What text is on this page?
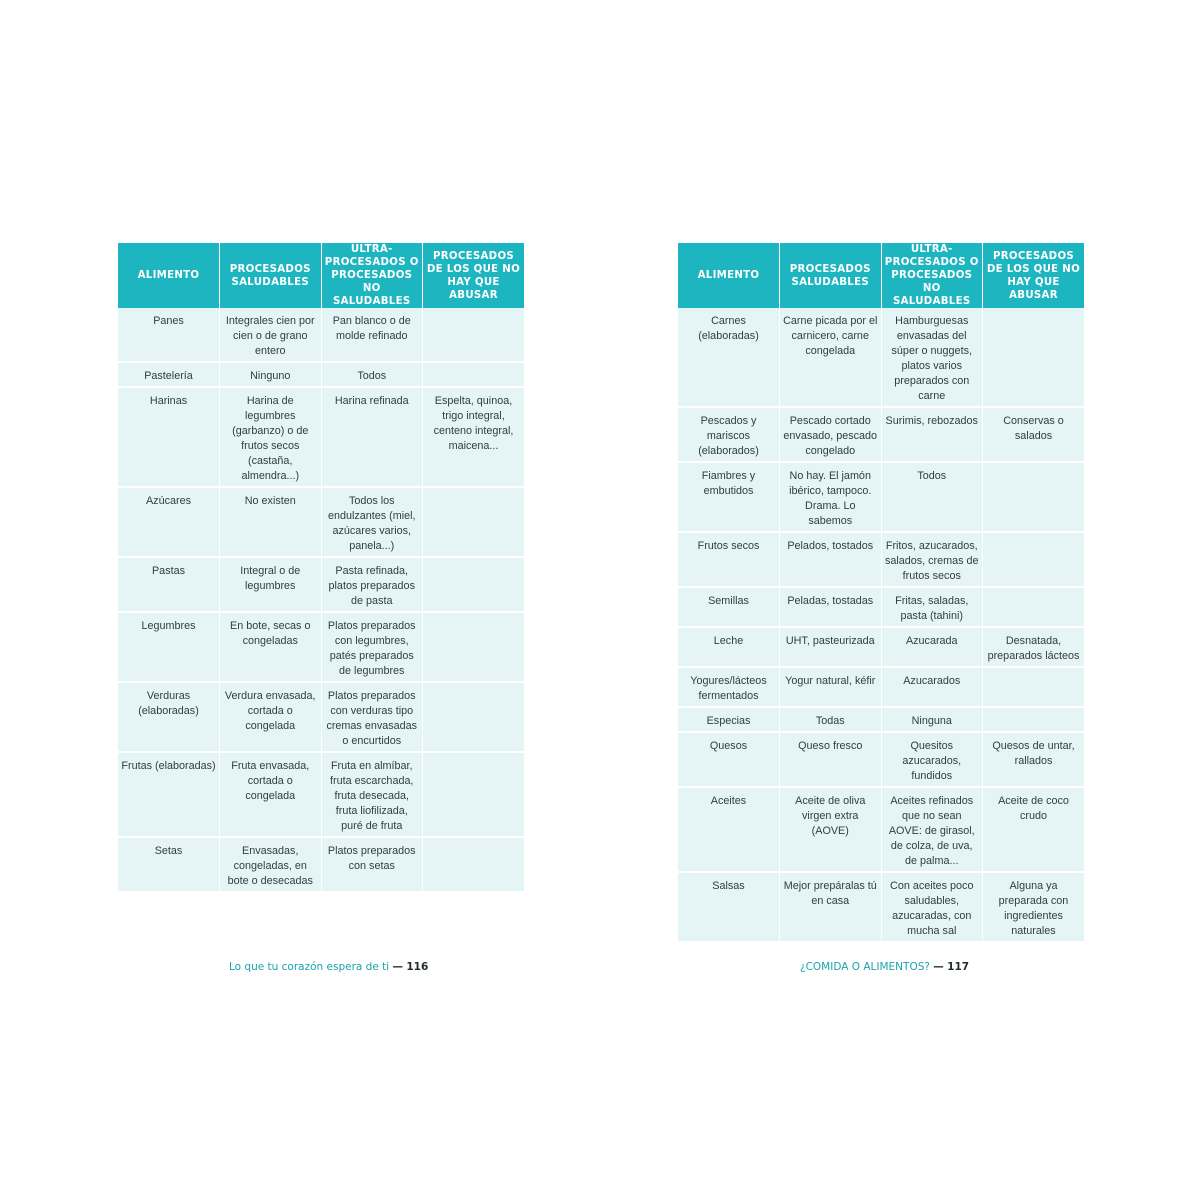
ALIMENTO	PROCESADOS SALUDABLES	ULTRA-PROCESADOS O PROCESADOS NO SALUDABLES	PROCESADOS DE LOS QUE NO HAY QUE ABUSAR
Panes	Integrales cien por cien o de grano entero	Pan blanco o de molde refinado	
Pastelería	Ninguno	Todos	
Harinas	Harina de legumbres (garbanzo) o de frutos secos (castaña, almendra...)	Harina refinada	Espelta, quinoa, trigo integral, centeno integral, maicena...
Azúcares	No existen	Todos los endulzantes (miel, azúcares varios, panela...)	
Pastas	Integral o de legumbres	Pasta refinada, platos preparados de pasta	
Legumbres	En bote, secas o congeladas	Platos preparados con legumbres, patés preparados de legumbres	
Verduras (elaboradas)	Verdura envasada, cortada o congelada	Platos preparados con verduras tipo cremas envasadas o encurtidos	
Frutas (elaboradas)	Fruta envasada, cortada o congelada	Fruta en almíbar, fruta escarchada, fruta desecada, fruta liofilizada, puré de fruta	
Setas	Envasadas, congeladas, en bote o desecadas	Platos preparados con setas	
ALIMENTO	PROCESADOS SALUDABLES	ULTRA-PROCESADOS O PROCESADOS NO SALUDABLES	PROCESADOS DE LOS QUE NO HAY QUE ABUSAR
Carnes (elaboradas)	Carne picada por el carnicero, carne congelada	Hamburguesas envasadas del súper o nuggets, platos varios preparados con carne	
Pescados y mariscos (elaborados)	Pescado cortado envasado, pescado congelado	Surimis, rebozados	Conservas o salados
Fiambres y embutidos	No hay. El jamón ibérico, tampoco. Drama. Lo sabemos	Todos	
Frutos secos	Pelados, tostados	Fritos, azucarados, salados, cremas de frutos secos	
Semillas	Peladas, tostadas	Fritas, saladas, pasta (tahini)	
Leche	UHT, pasteurizada	Azucarada	Desnatada, preparados lácteos
Yogures/lácteos fermentados	Yogur natural, kéfir	Azucarados	
Especias	Todas	Ninguna	
Quesos	Queso fresco	Quesitos azucarados, fundidos	Quesos de untar, rallados
Aceites	Aceite de oliva virgen extra (AOVE)	Aceites refinados que no sean AOVE: de girasol, de colza, de uva, de palma...	Aceite de coco crudo
Salsas	Mejor prepáralas tú en casa	Con aceites poco saludables, azucaradas, con mucha sal	Alguna ya preparada con ingredientes naturales
Lo que tu corazón espera de ti — 116	¿COMIDA O ALIMENTOS? — 117
